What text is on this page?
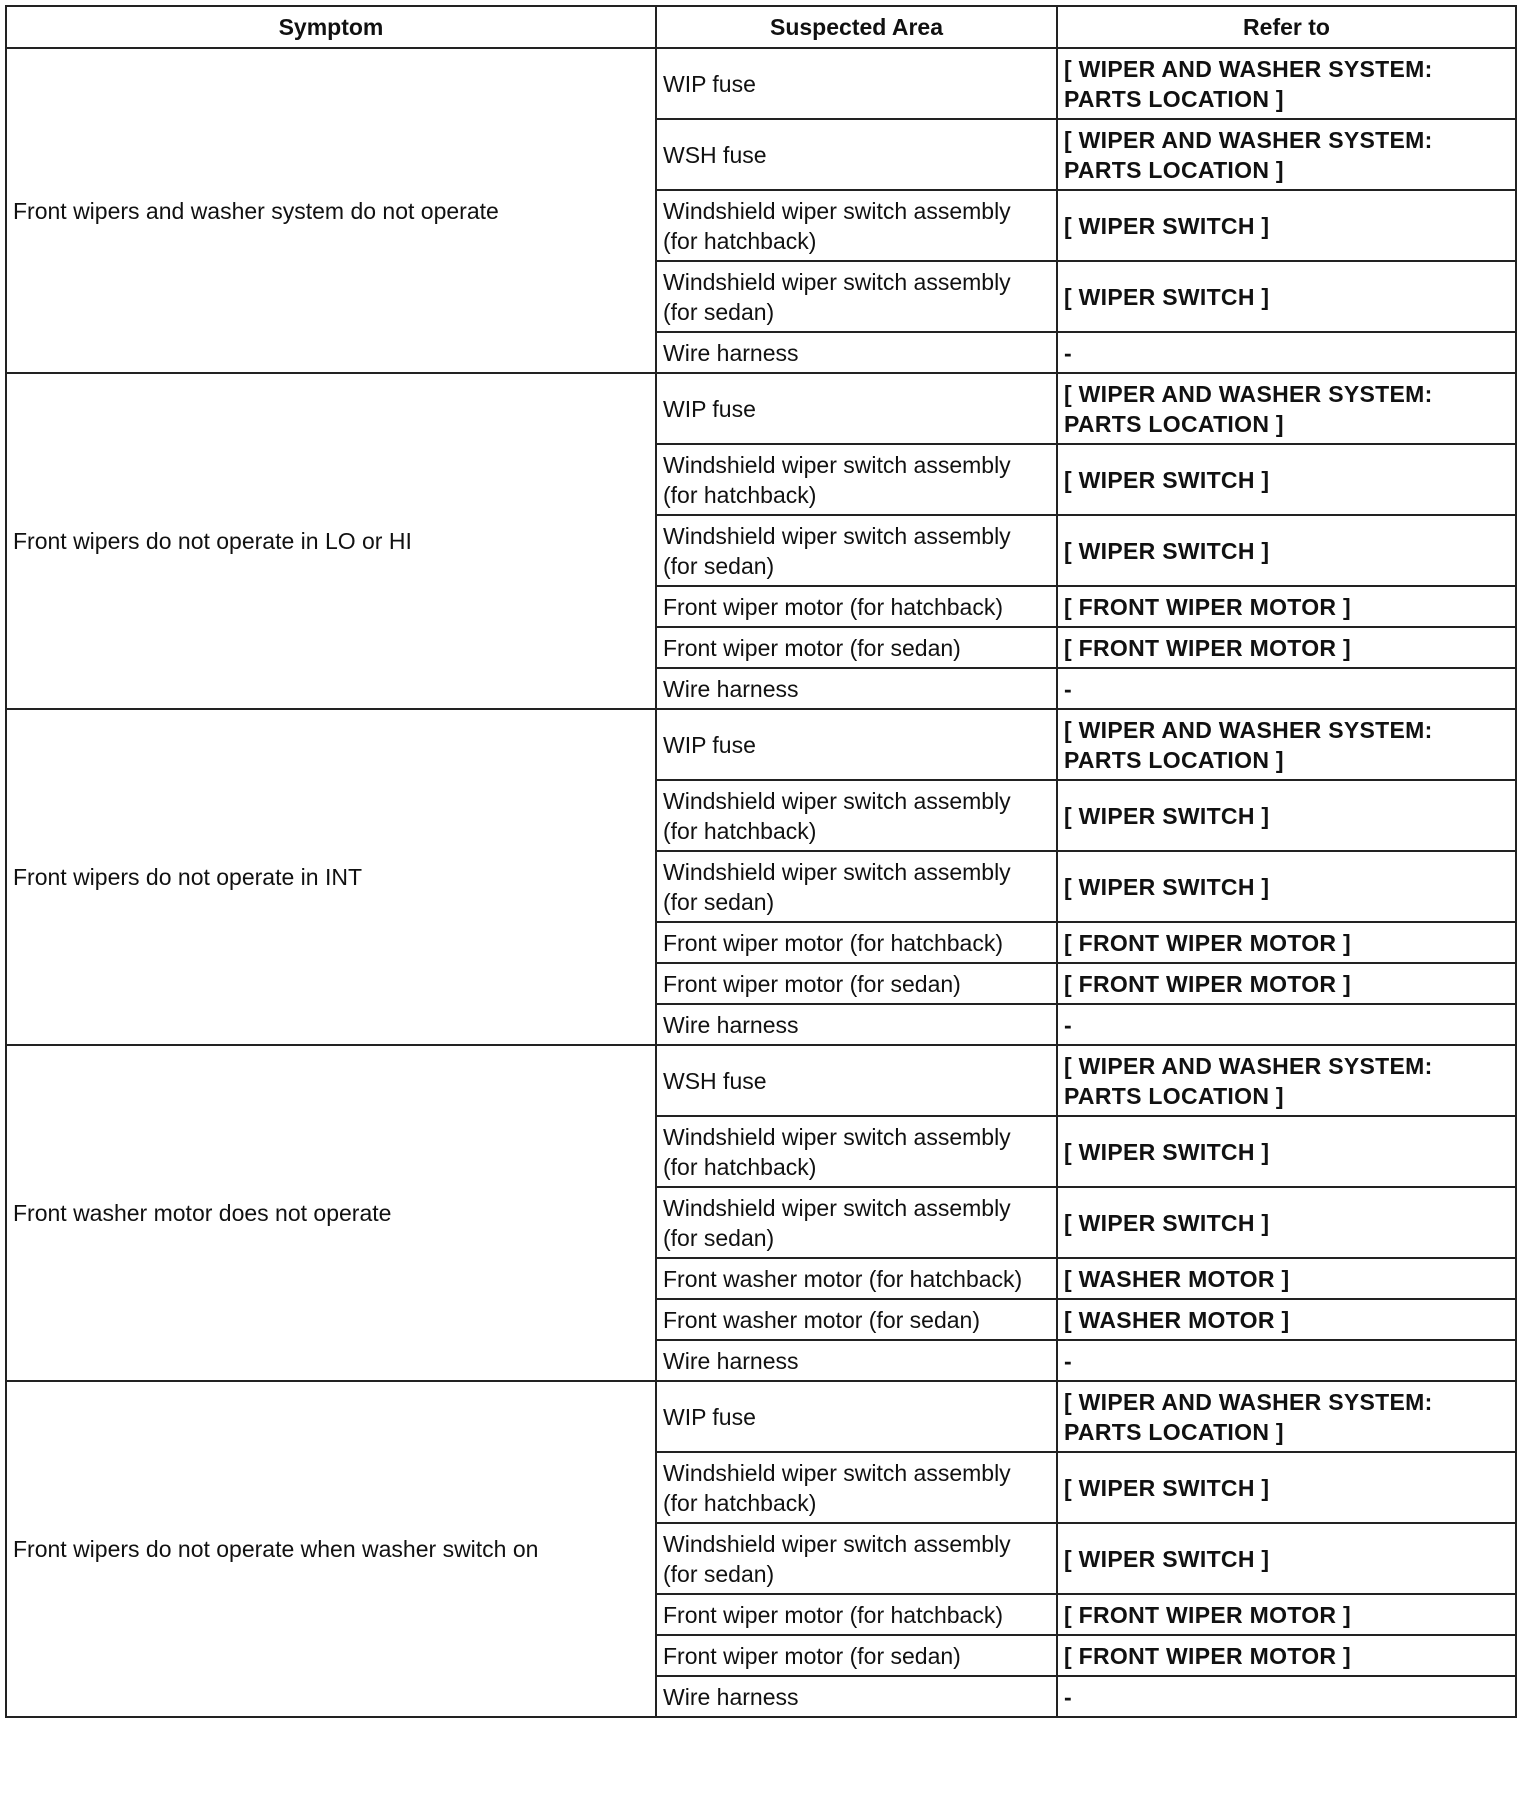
Symptom	Suspected Area	Refer to
Front wipers and washer system do not operate	WIP fuse	[ WIPER AND WASHER SYSTEM: PARTS LOCATION ]
	WSH fuse	[ WIPER AND WASHER SYSTEM: PARTS LOCATION ]
	Windshield wiper switch assembly (for hatchback)	[ WIPER SWITCH ]
	Windshield wiper switch assembly (for sedan)	[ WIPER SWITCH ]
	Wire harness	-
Front wipers do not operate in LO or HI	WIP fuse	[ WIPER AND WASHER SYSTEM: PARTS LOCATION ]
	Windshield wiper switch assembly (for hatchback)	[ WIPER SWITCH ]
	Windshield wiper switch assembly (for sedan)	[ WIPER SWITCH ]
	Front wiper motor (for hatchback)	[ FRONT WIPER MOTOR ]
	Front wiper motor (for sedan)	[ FRONT WIPER MOTOR ]
	Wire harness	-
Front wipers do not operate in INT	WIP fuse	[ WIPER AND WASHER SYSTEM: PARTS LOCATION ]
	Windshield wiper switch assembly (for hatchback)	[ WIPER SWITCH ]
	Windshield wiper switch assembly (for sedan)	[ WIPER SWITCH ]
	Front wiper motor (for hatchback)	[ FRONT WIPER MOTOR ]
	Front wiper motor (for sedan)	[ FRONT WIPER MOTOR ]
	Wire harness	-
Front washer motor does not operate	WSH fuse	[ WIPER AND WASHER SYSTEM: PARTS LOCATION ]
	Windshield wiper switch assembly (for hatchback)	[ WIPER SWITCH ]
	Windshield wiper switch assembly (for sedan)	[ WIPER SWITCH ]
	Front washer motor (for hatchback)	[ WASHER MOTOR ]
	Front washer motor (for sedan)	[ WASHER MOTOR ]
	Wire harness	-
Front wipers do not operate when washer switch on	WIP fuse	[ WIPER AND WASHER SYSTEM: PARTS LOCATION ]
	Windshield wiper switch assembly (for hatchback)	[ WIPER SWITCH ]
	Windshield wiper switch assembly (for sedan)	[ WIPER SWITCH ]
	Front wiper motor (for hatchback)	[ FRONT WIPER MOTOR ]
	Front wiper motor (for sedan)	[ FRONT WIPER MOTOR ]
	Wire harness	-
